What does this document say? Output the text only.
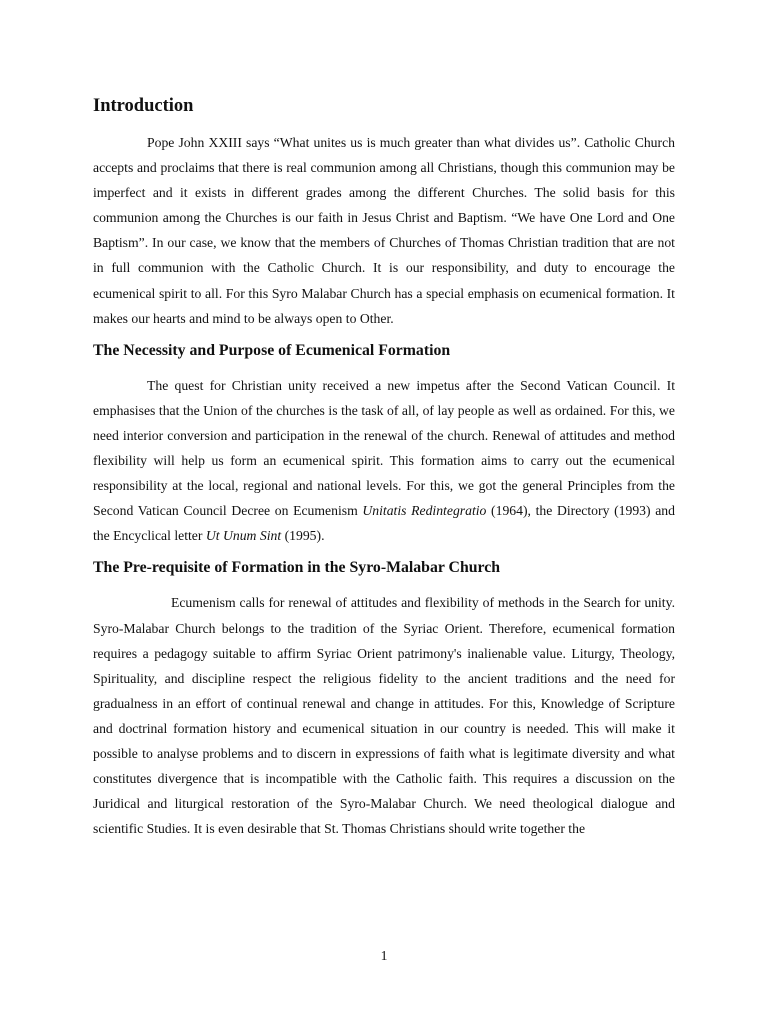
Introduction

Pope John XXIII says “What unites us is much greater than what divides us”. Catholic Church accepts and proclaims that there is real communion among all Christians, though this communion may be imperfect and it exists in different grades among the different Churches. The solid basis for this communion among the Churches is our faith in Jesus Christ and Baptism. “We have One Lord and One Baptism”. In our case, we know that the members of Churches of Thomas Christian tradition that are not in full communion with the Catholic Church. It is our responsibility, and duty to encourage the ecumenical spirit to all. For this Syro Malabar Church has a special emphasis on ecumenical formation. It makes our hearts and mind to be always open to Other.

The Necessity and Purpose of Ecumenical Formation

The quest for Christian unity received a new impetus after the Second Vatican Council. It emphasises that the Union of the churches is the task of all, of lay people as well as ordained. For this, we need interior conversion and participation in the renewal of the church. Renewal of attitudes and method flexibility will help us form an ecumenical spirit. This formation aims to carry out the ecumenical responsibility at the local, regional and national levels. For this, we got the general Principles from the Second Vatican Council Decree on Ecumenism Unitatis Redintegratio (1964), the Directory (1993) and the Encyclical letter Ut Unum Sint (1995).

The Pre-requisite of Formation in the Syro-Malabar Church

Ecumenism calls for renewal of attitudes and flexibility of methods in the Search for unity. Syro-Malabar Church belongs to the tradition of the Syriac Orient. Therefore, ecumenical formation requires a pedagogy suitable to affirm Syriac Orient patrimony's inalienable value. Liturgy, Theology, Spirituality, and discipline respect the religious fidelity to the ancient traditions and the need for gradualness in an effort of continual renewal and change in attitudes. For this, Knowledge of Scripture and doctrinal formation history and ecumenical situation in our country is needed. This will make it possible to analyse problems and to discern in expressions of faith what is legitimate diversity and what constitutes divergence that is incompatible with the Catholic faith. This requires a discussion on the Juridical and liturgical restoration of the Syro-Malabar Church. We need theological dialogue and scientific Studies. It is even desirable that St. Thomas Christians should write together the

1
